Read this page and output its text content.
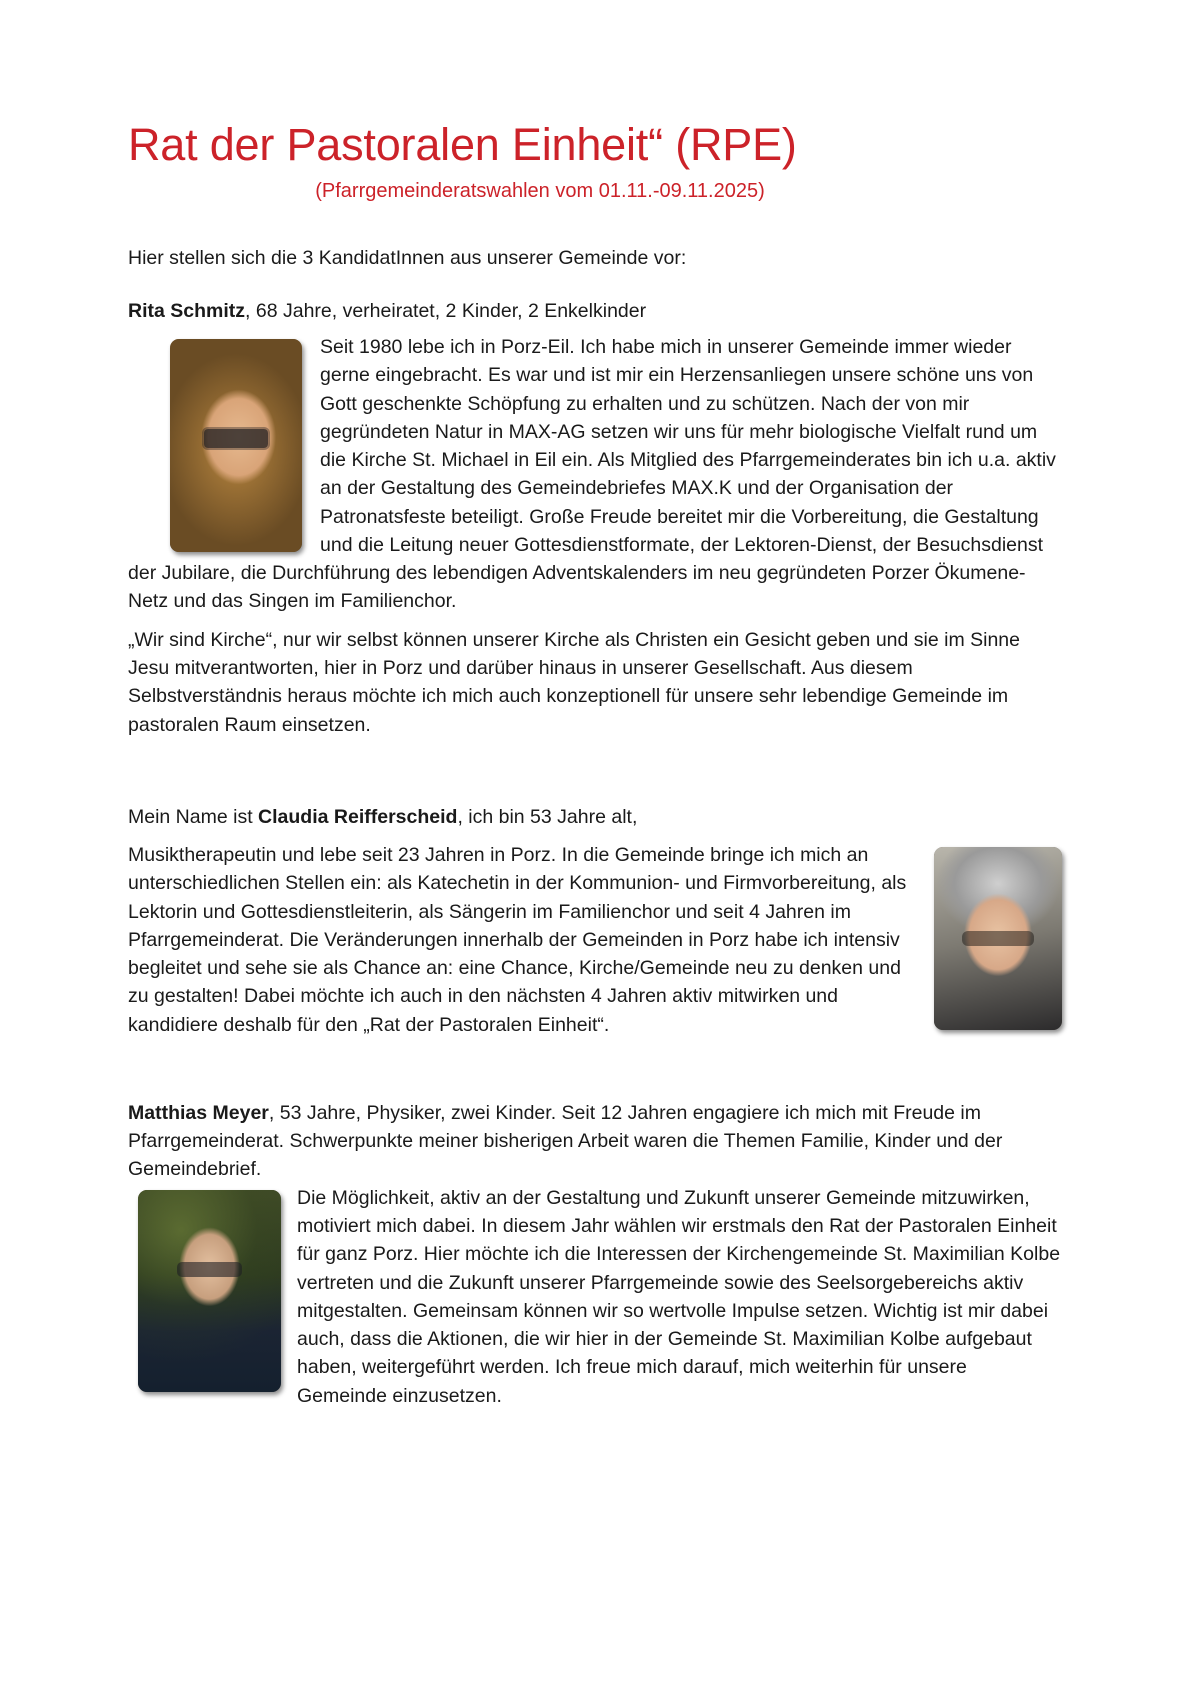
Rat der Pastoralen Einheit“ (RPE)

(Pfarrgemeinderatswahlen vom 01.11.-09.11.2025)

Hier stellen sich die 3 KandidatInnen aus unserer Gemeinde vor:

Rita Schmitz, 68 Jahre, verheiratet, 2 Kinder, 2 Enkelkinder

Seit 1980 lebe ich in Porz-Eil. Ich habe mich in unserer Gemeinde immer wieder gerne eingebracht. Es war und ist mir ein Herzensanliegen unsere schöne uns von Gott geschenkte Schöpfung zu erhalten und zu schützen. Nach der von mir gegründeten Natur in MAX-AG setzen wir uns für mehr biologische Vielfalt rund um die Kirche St. Michael in Eil ein. Als Mitglied des Pfarrgemeinderates bin ich u.a. aktiv an der Gestaltung des Gemeindebriefes MAX.K und der Organisation der Patronatsfeste beteiligt. Große Freude bereitet mir die Vorbereitung, die Gestaltung und die Leitung neuer Gottesdienstformate, der Lektoren-Dienst, der Besuchsdienst der Jubilare, die Durchführung des lebendigen Adventskalenders im neu gegründeten Porzer Ökumene-Netz und das Singen im Familienchor.

„Wir sind Kirche“, nur wir selbst können unserer Kirche als Christen ein Gesicht geben und sie im Sinne Jesu mitverantworten, hier in Porz und darüber hinaus in unserer Gesellschaft. Aus diesem Selbstverständnis heraus möchte ich mich auch konzeptionell für unsere sehr lebendige Gemeinde im pastoralen Raum einsetzen.

Mein Name ist Claudia Reifferscheid, ich bin 53 Jahre alt,

Musiktherapeutin und lebe seit 23 Jahren in Porz. In die Gemeinde bringe ich mich an unterschiedlichen Stellen ein: als Katechetin in der Kommunion- und Firmvorbereitung, als Lektorin und Gottesdienstleiterin, als Sängerin im Familienchor und seit 4 Jahren im Pfarrgemeinderat. Die Veränderungen innerhalb der Gemeinden in Porz habe ich intensiv begleitet und sehe sie als Chance an: eine Chance, Kirche/Gemeinde neu zu denken und zu gestalten! Dabei möchte ich auch in den nächsten 4 Jahren aktiv mitwirken und kandidiere deshalb für den „Rat der Pastoralen Einheit“.

Matthias Meyer, 53 Jahre, Physiker, zwei Kinder. Seit 12 Jahren engagiere ich mich mit Freude im Pfarrgemeinderat. Schwerpunkte meiner bisherigen Arbeit waren die Themen Familie, Kinder und der Gemeindebrief.

Die Möglichkeit, aktiv an der Gestaltung und Zukunft unserer Gemeinde mitzuwirken, motiviert mich dabei. In diesem Jahr wählen wir erstmals den Rat der Pastoralen Einheit für ganz Porz. Hier möchte ich die Interessen der Kirchengemeinde St. Maximilian Kolbe vertreten und die Zukunft unserer Pfarrgemeinde sowie des Seelsorgebereichs aktiv mitgestalten. Gemeinsam können wir so wertvolle Impulse setzen. Wichtig ist mir dabei auch, dass die Aktionen, die wir hier in der Gemeinde St. Maximilian Kolbe aufgebaut haben, weitergeführt werden. Ich freue mich darauf, mich weiterhin für unsere Gemeinde einzusetzen.
